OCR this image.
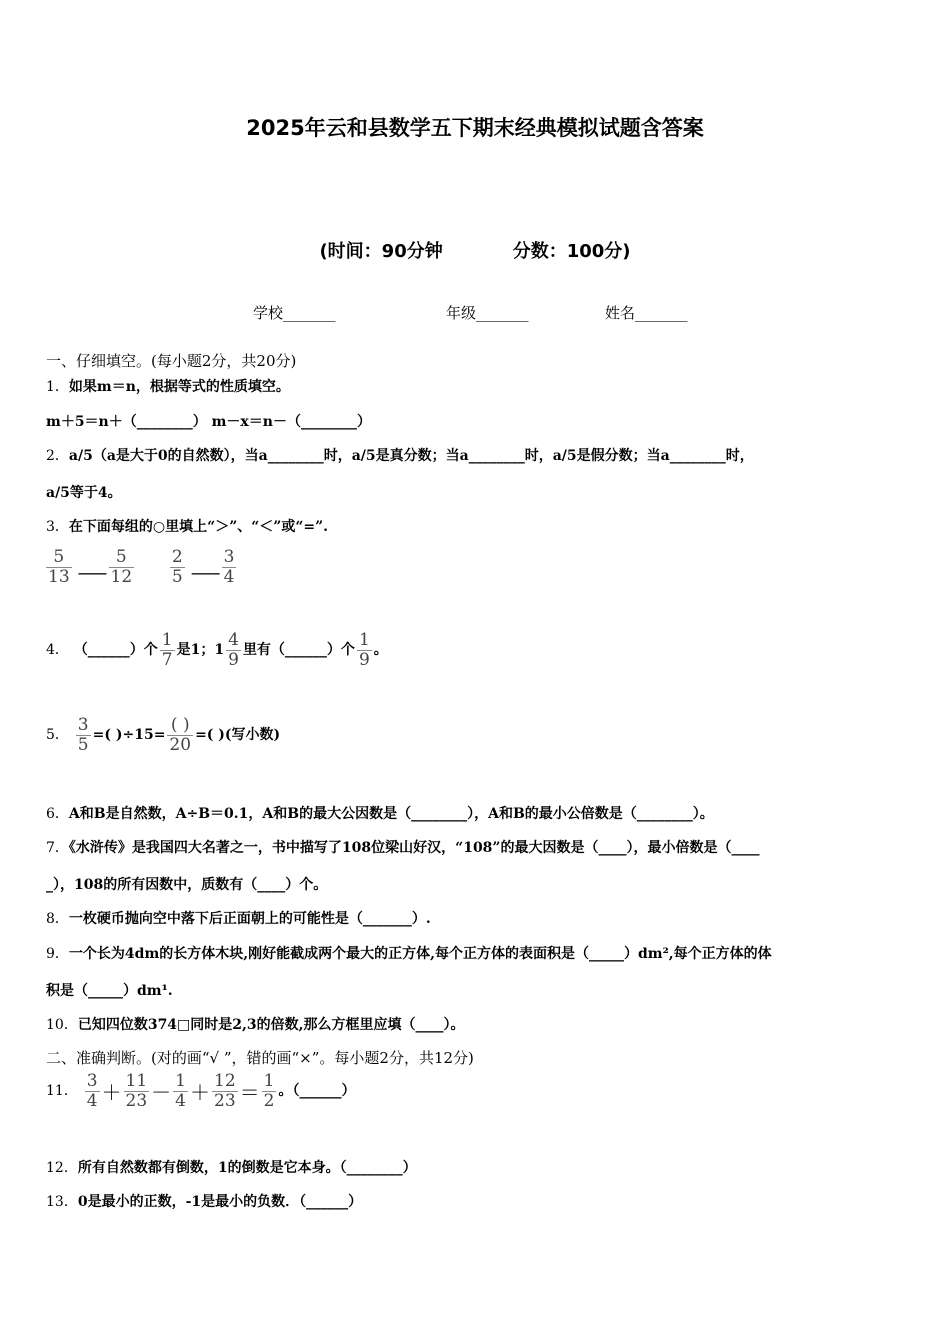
2025年云和县数学五下期末经典模拟试题含答案
(时间：90分钟	分数：100分)
学校_______	年级_______	姓名_______
一、仔细填空。(每小题2分，共20分)
1．如果m＝n，根据等式的性质填空。
m＋5＝n＋（________） m－x＝n－（________）
2．a/5（a是大于0的自然数），当a________时，a/5是真分数；当a________时，a/5是假分数；当a________时，
a/5等于4。
3．在下面每组的○里填上“＞”、“＜”或“=”.
$\frac{5}{13}$ ____ $\frac{5}{12}$
$\frac{2}{5}$ ____ $\frac{3}{4}$
4． （______）个 $\frac{1}{7}$ 是1；$1 \frac{4}{9}$ 里有（______）个 $\frac{1}{9}$ 。
5． $\frac{3}{5}$ =( )$\div 15= \frac{( )}{20}$ =( )(写小数)
6．A和B是自然数，A÷B＝0.1，A和B的最大公因数是（________），A和B的最小公倍数是（________）。
7．《水浒传》是我国四大名著之一，书中描写了108位梁山好汉，“108”的最大因数是（____），最小倍数是（____
_），108的所有因数中，质数有（____）个。
8．一枚硬币抛向空中落下后正面朝上的可能性是（_______）.
9．一个长为4dm的长方体木块,刚好能截成两个最大的正方体,每个正方体的表面积是（_____）dm²,每个正方体的体
积是（_____）dm¹.
10．已知四位数374□同时是2,3的倍数,那么方框里应填（____）。
二、准确判断。(对的画“√ ”，错的画“×”。每小题2分，共12分)
11． $\frac{3}{4} + \frac{11}{23} - \frac{1}{4} + \frac{12}{23} = \frac{1}{2}$ 。（______）
12．所有自然数都有倒数，1的倒数是它本身。（________）
13．0是最小的正数，-1是最小的负数．（______）
